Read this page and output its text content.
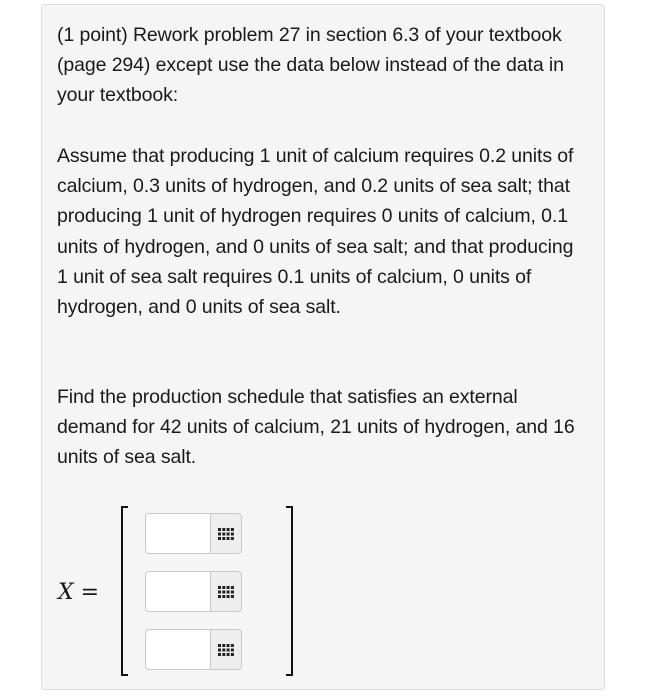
(1 point) Rework problem 27 in section 6.3 of your textbook (page 294) except use the data below instead of the data in your textbook:

Assume that producing 1 unit of calcium requires 0.2 units of calcium, 0.3 units of hydrogen, and 0.2 units of sea salt; that producing 1 unit of hydrogen requires 0 units of calcium, 0.1 units of hydrogen, and 0 units of sea salt; and that producing 1 unit of sea salt requires 0.1 units of calcium, 0 units of hydrogen, and 0 units of sea salt.

Find the production schedule that satisfies an external demand for 42 units of calcium, 21 units of hydrogen, and 16 units of sea salt.

X =
